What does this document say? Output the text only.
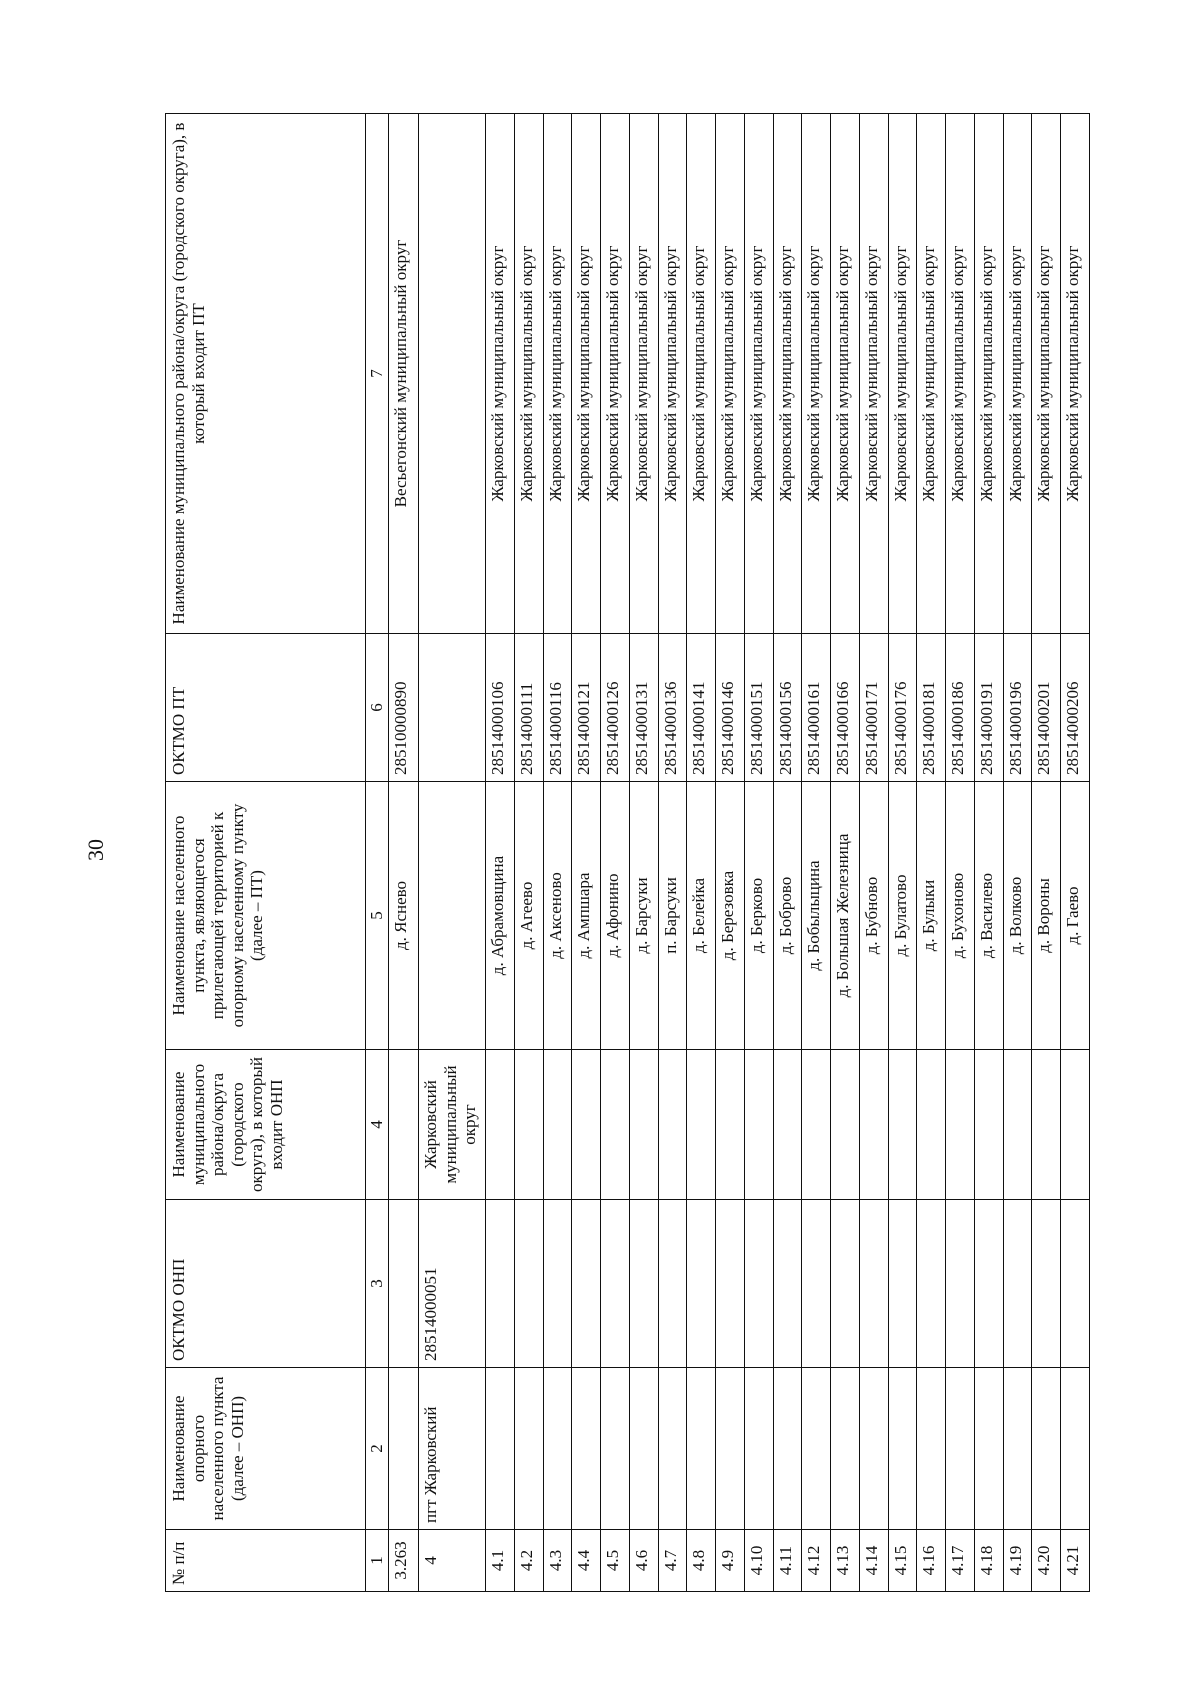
30
№ п/п	Наименование опорного населенного пункта (далее – ОНП)	ОКТМО ОНП	Наименование муниципального района/округа (городского округа), в который входит ОНП	Наименование населенного пункта, являющегося прилегающей территорией к опорному населенному пункту (далее – ПТ)	ОКТМО ПТ	Наименование муниципального района/округа (городского округа), в который входит ПТ
1	2	3	4	5	6	7
3.263				д. Яснево	28510000890	Весьегонский муниципальный округ
4	пгт Жарковский	28514000051	Жарковский муниципальный округ			
4.1				д. Абрамовщина	28514000106	Жарковский муниципальный округ
4.2				д. Агеево	28514000111	Жарковский муниципальный округ
4.3				д. Аксеново	28514000116	Жарковский муниципальный округ
4.4				д. Ампшара	28514000121	Жарковский муниципальный округ
4.5				д. Афонино	28514000126	Жарковский муниципальный округ
4.6				д. Барсуки	28514000131	Жарковский муниципальный округ
4.7				п. Барсуки	28514000136	Жарковский муниципальный округ
4.8				д. Белейка	28514000141	Жарковский муниципальный округ
4.9				д. Березовка	28514000146	Жарковский муниципальный округ
4.10				д. Берково	28514000151	Жарковский муниципальный округ
4.11				д. Боброво	28514000156	Жарковский муниципальный округ
4.12				д. Бобылыцина	28514000161	Жарковский муниципальный округ
4.13				д. Большая Железница	28514000166	Жарковский муниципальный округ
4.14				д. Бубново	28514000171	Жарковский муниципальный округ
4.15				д. Булатово	28514000176	Жарковский муниципальный округ
4.16				д. Булыки	28514000181	Жарковский муниципальный округ
4.17				д. Бухоново	28514000186	Жарковский муниципальный округ
4.18				д. Василево	28514000191	Жарковский муниципальный округ
4.19				д. Волково	28514000196	Жарковский муниципальный округ
4.20				д. Вороны	28514000201	Жарковский муниципальный округ
4.21				д. Гаево	28514000206	Жарковский муниципальный округ
